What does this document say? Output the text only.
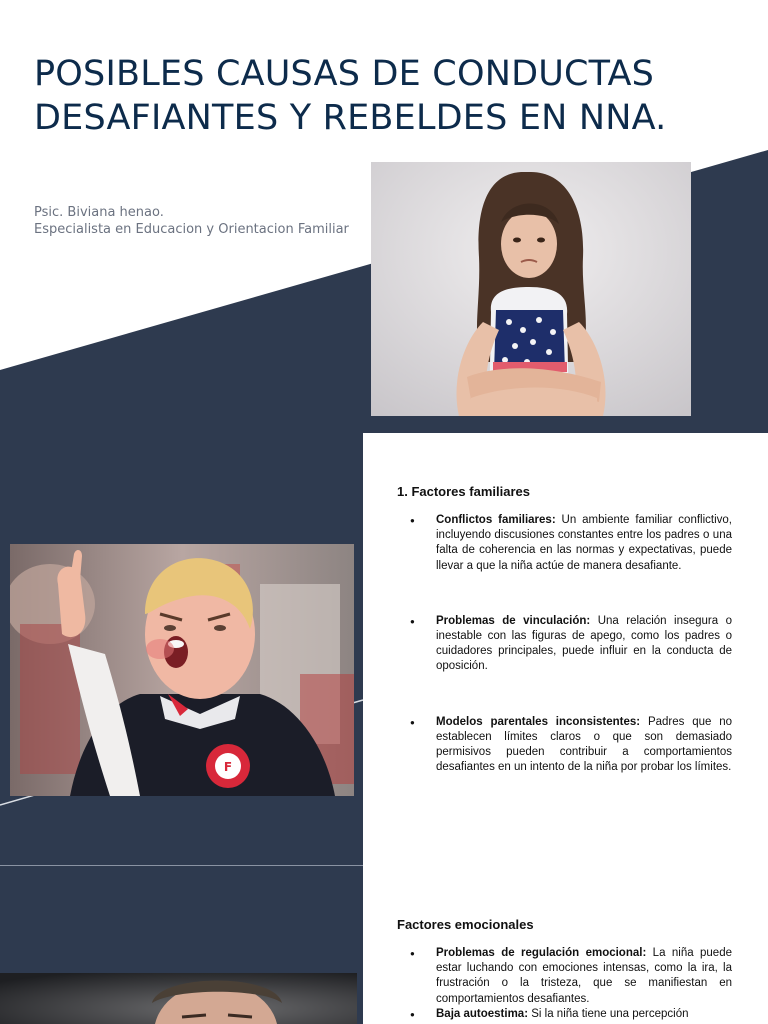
POSIBLES CAUSAS DE CONDUCTAS
DESAFIANTES Y REBELDES EN NNA.
Psic. Biviana henao.
Especialista en Educacion y Orientacion Familiar
F
1. Factores familiares
● Conflictos familiares: Un ambiente familiar conflictivo, incluyendo discusiones constantes entre los padres o una falta de coherencia en las normas y expectativas, puede llevar a que la niña actúe de manera desafiante.
● Problemas de vinculación: Una relación insegura o inestable con las figuras de apego, como los padres o cuidadores principales, puede influir en la conducta de oposición.
● Modelos parentales inconsistentes: Padres que no establecen límites claros o que son demasiado permisivos pueden contribuir a comportamientos desafiantes en un intento de la niña por probar los límites.
Factores emocionales
● Problemas de regulación emocional: La niña puede estar luchando con emociones intensas, como la ira, la frustración o la tristeza, que se manifiestan en comportamientos desafiantes.
● Baja autoestima: Si la niña tiene una percepción
